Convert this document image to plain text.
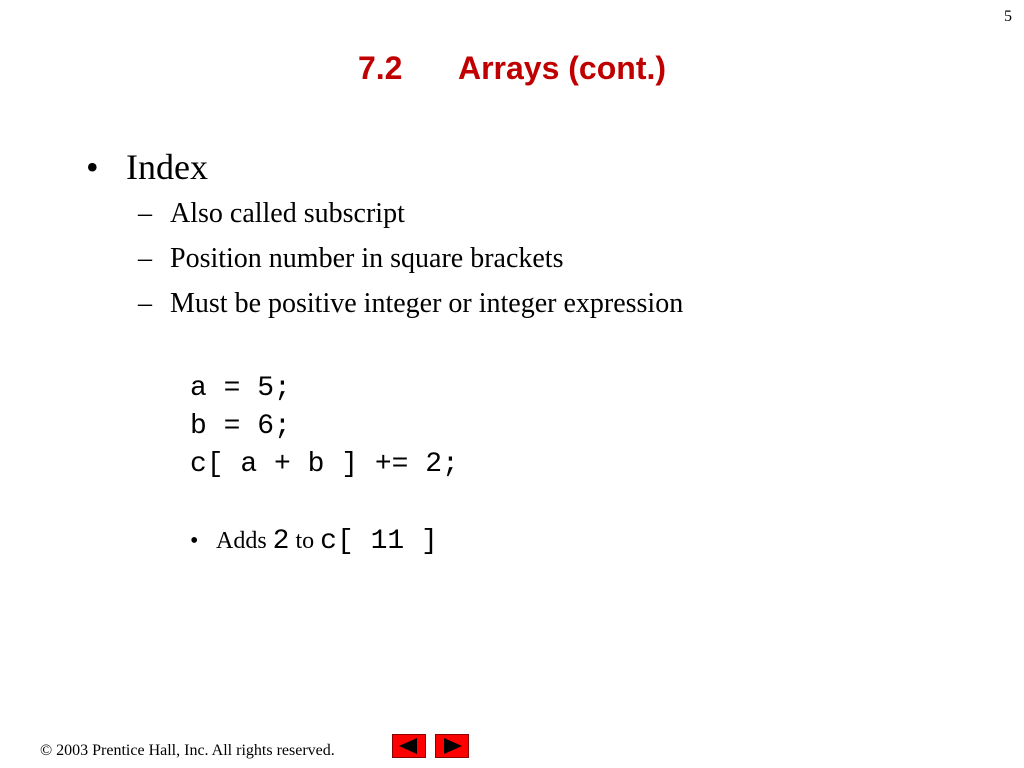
5
7.2 Arrays (cont.)
• Index
– Also called subscript
– Position number in square brackets
– Must be positive integer or integer expression
a = 5;
b = 6;
c[ a + b ] += 2;
• Adds 2 to c[ 11 ]
© 2003 Prentice Hall, Inc. All rights reserved.
